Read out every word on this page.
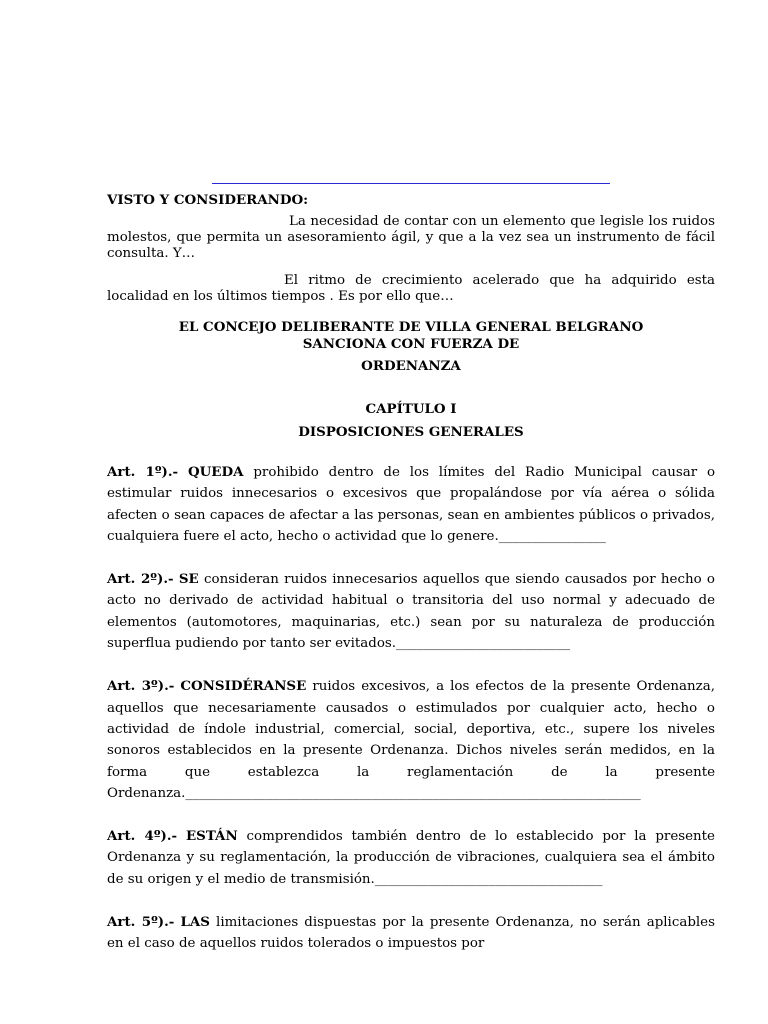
VISTO Y CONSIDERANDO:

La necesidad de contar con un elemento que legisle los ruidos molestos, que permita un asesoramiento ágil, y que a la vez sea un instrumento de fácil consulta. Y…

El ritmo de crecimiento acelerado que ha adquirido esta localidad en los últimos tiempos . Es por ello que…

EL CONCEJO DELIBERANTE DE VILLA GENERAL BELGRANO

SANCIONA CON FUERZA DE

ORDENANZA

CAPÍTULO I

DISPOSICIONES GENERALES

Art. 1º).- QUEDA prohibido dentro de los límites del Radio Municipal causar o estimular ruidos innecesarios o excesivos que propalándose por vía aérea o sólida afecten o sean capaces de afectar a las personas, sean en ambientes públicos o privados, cualquiera fuere el acto, hecho o actividad que lo genere.________________

Art. 2º).- SE consideran ruidos innecesarios aquellos que siendo causados por hecho o acto no derivado de actividad habitual o transitoria del uso normal y adecuado de elementos (automotores, maquinarias, etc.) sean por su naturaleza de producción superflua pudiendo por tanto ser evitados.__________________________

Art. 3º).- CONSIDÉRANSE ruidos excesivos, a los efectos de la presente Ordenanza, aquellos que necesariamente causados o estimulados por cualquier acto, hecho o actividad de índole industrial, comercial, social, deportiva, etc., supere los niveles sonoros establecidos en la presente Ordenanza. Dichos niveles serán medidos, en la forma que establezca la reglamentación de la presente Ordenanza.____________________________________________________________________

Art. 4º).- ESTÁN comprendidos también dentro de lo establecido por la presente Ordenanza y su reglamentación, la producción de vibraciones, cualquiera sea el ámbito de su origen y el medio de transmisión.__________________________________

Art. 5º).- LAS limitaciones dispuestas por la presente Ordenanza, no serán aplicables en el caso de aquellos ruidos tolerados o impuestos por
